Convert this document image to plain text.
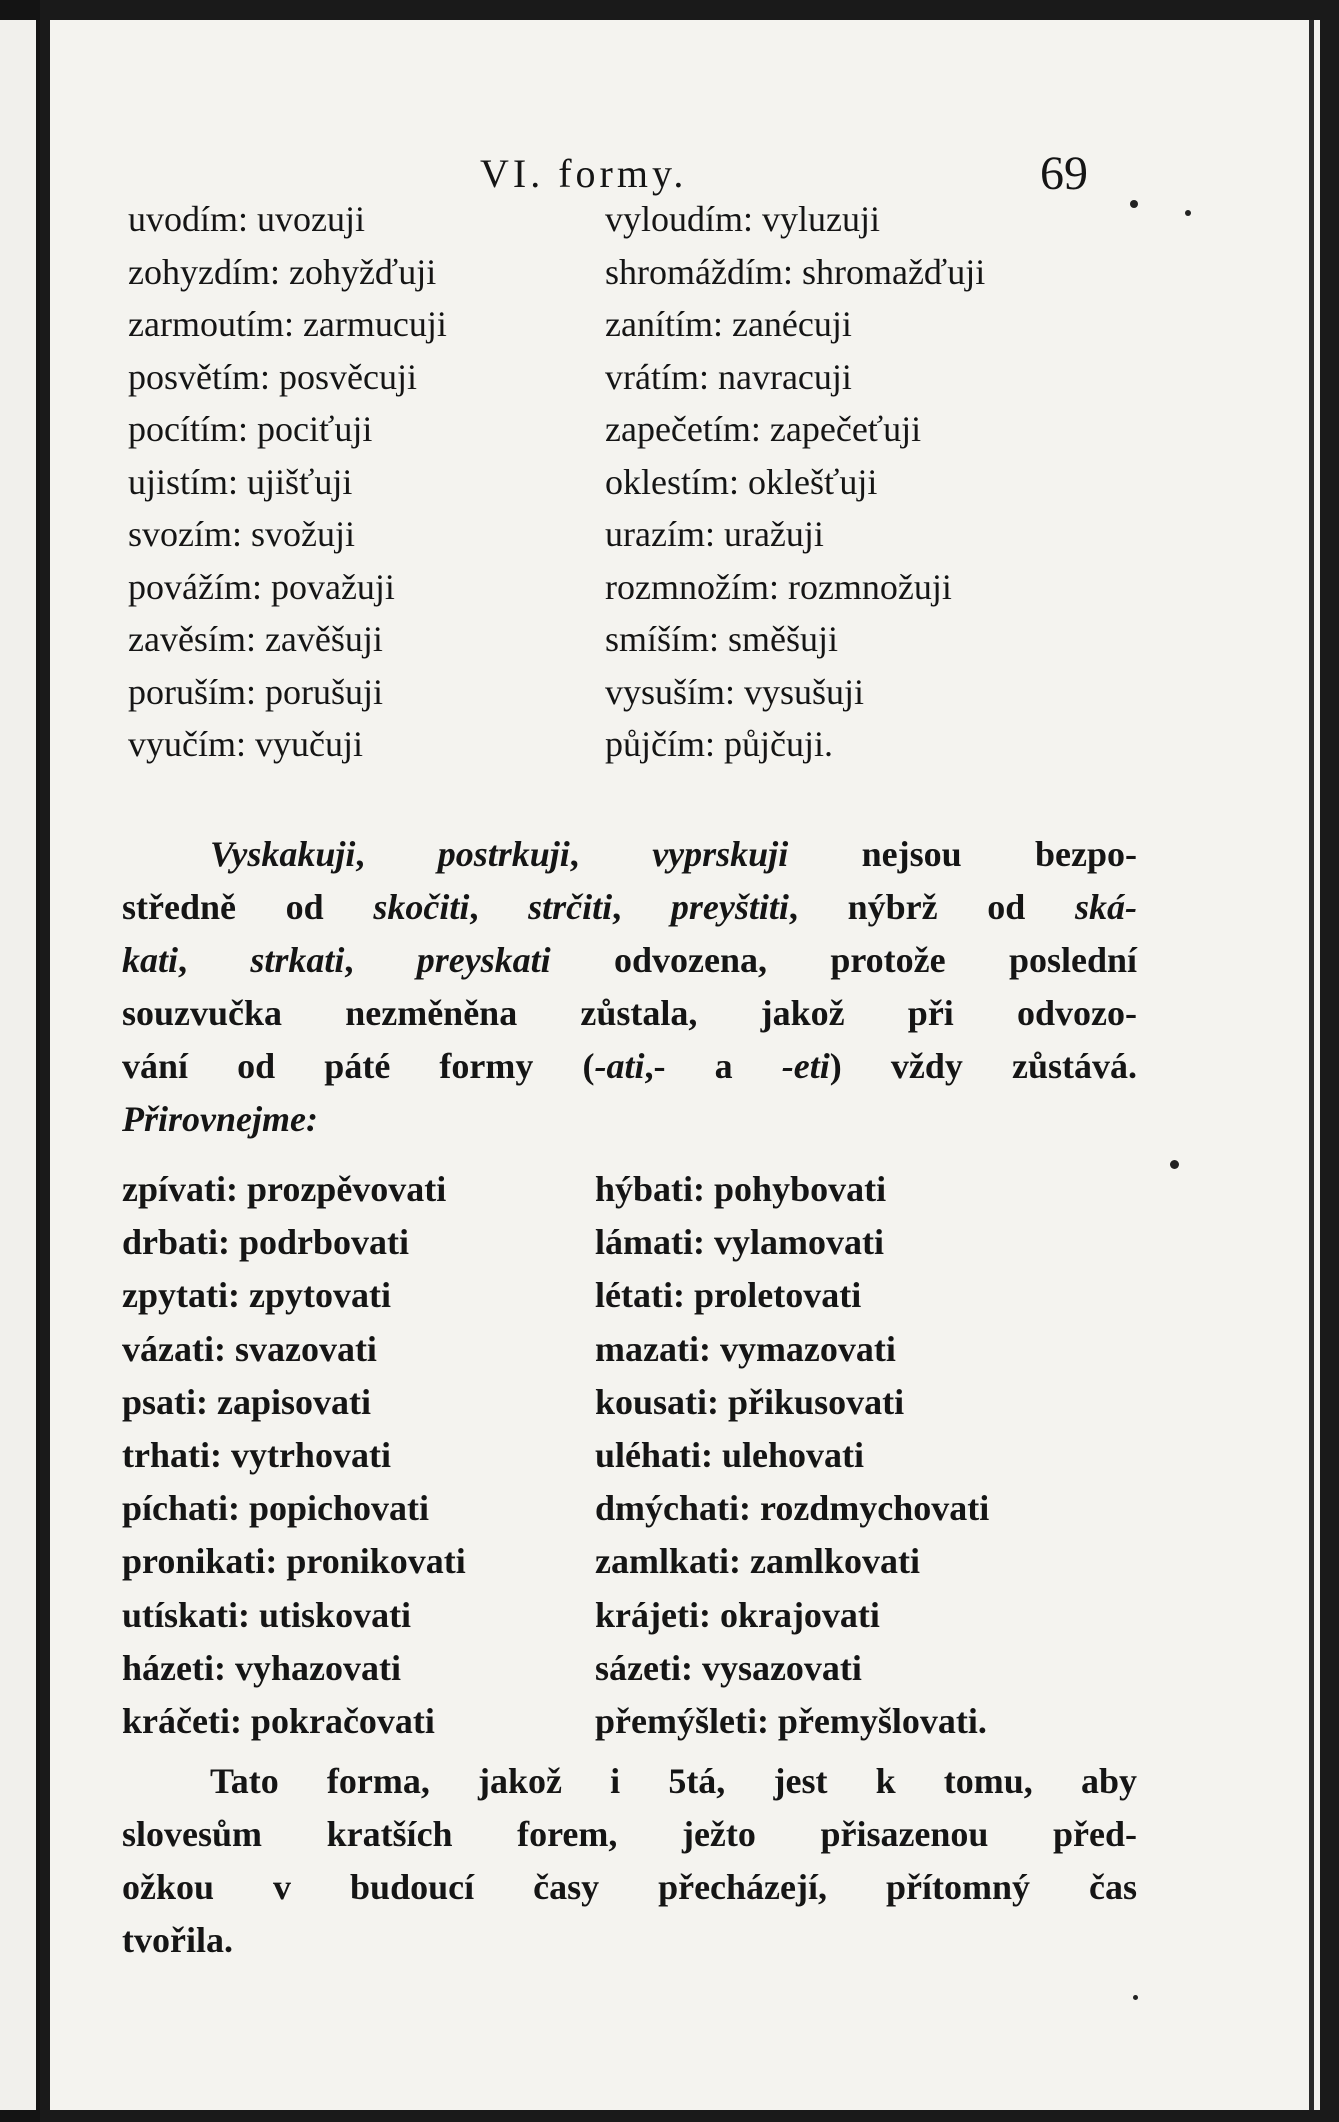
VI. formy.	69
uvodím: uvozuji	vyloudím: vyluzuji
zohyzdím: zohyžďuji	shromáždím: shromažďuji
zarmoutím: zarmucuji	zanítím: zanécuji
posvětím: posvěcuji	vrátím: navracuji
pocítím: pociťuji	zapečetím: zapečeťuji
ujistím: ujišťuji	oklestím: oklešťuji
svozím: svožuji	urazím: uražuji
povážím: považuji	rozmnožím: rozmnožuji
zavěsím: zavěšuji	smíším: směšuji
poruším: porušuji	vysuším: vysušuji
vyučím: vyučuji	půjčím: půjčuji.
Vyskakuji, postrkuji, vyprskuji nejsou bezpo-
středně od skočiti, strčiti, preyštiti, nýbrž od ská-
kati, strkati, preyskati odvozena, protože poslední
souzvučka nezměněna zůstala, jakož při odvozo-
vání od páté formy (-ati,- a -eti) vždy zůstává.
Přirovnejme:
zpívati: prozpěvovati	hýbati: pohybovati
drbati: podrbovati	lámati: vylamovati
zpytati: zpytovati	létati: proletovati
vázati: svazovati	mazati: vymazovati
psati: zapisovati	kousati: přikusovati
trhati: vytrhovati	uléhati: ulehovati
píchati: popichovati	dmýchati: rozdmychovati
pronikati: pronikovati	zamlkati: zamlkovati
utískati: utiskovati	krájeti: okrajovati
házeti: vyhazovati	sázeti: vysazovati
kráčeti: pokračovati	přemýšleti: přemyšlovati.
Tato forma, jakož i 5tá, jest k tomu, aby
slovesům kratších forem, ježto přisazenou před-
ožkou v budoucí časy přecházejí, přítomný čas
tvořila.
